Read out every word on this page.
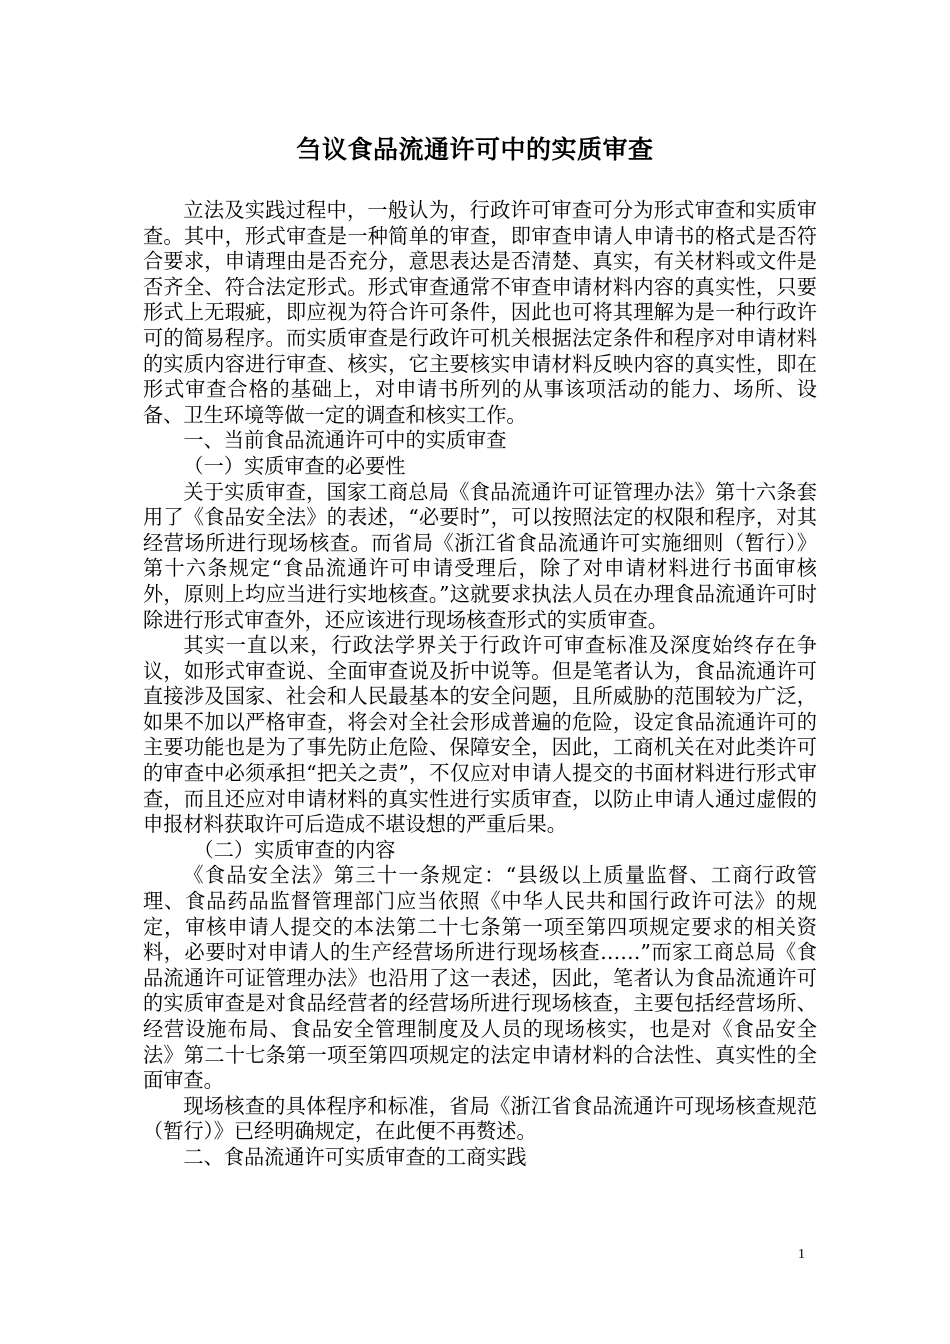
刍议食品流通许可中的实质审查

立法及实践过程中，一般认为，行政许可审查可分为形式审查和实质审查。其中，形式审查是一种简单的审查，即审查申请人申请书的格式是否符合要求，申请理由是否充分，意思表达是否清楚、真实，有关材料或文件是否齐全、符合法定形式。形式审查通常不审查申请材料内容的真实性，只要形式上无瑕疵，即应视为符合许可条件，因此也可将其理解为是一种行政许可的简易程序。而实质审查是行政许可机关根据法定条件和程序对申请材料的实质内容进行审查、核实，它主要核实申请材料反映内容的真实性，即在形式审查合格的基础上，对申请书所列的从事该项活动的能力、场所、设备、卫生环境等做一定的调查和核实工作。

一、当前食品流通许可中的实质审查

（一）实质审查的必要性

关于实质审查，国家工商总局《食品流通许可证管理办法》第十六条套用了《食品安全法》的表述，“必要时”，可以按照法定的权限和程序，对其经营场所进行现场核查。而省局《浙江省食品流通许可实施细则（暂行）》第十六条规定“食品流通许可申请受理后，除了对申请材料进行书面审核外，原则上均应当进行实地核查。”这就要求执法人员在办理食品流通许可时除进行形式审查外，还应该进行现场核查形式的实质审查。

其实一直以来，行政法学界关于行政许可审查标准及深度始终存在争议，如形式审查说、全面审查说及折中说等。但是笔者认为，食品流通许可直接涉及国家、社会和人民最基本的安全问题，且所威胁的范围较为广泛，如果不加以严格审查，将会对全社会形成普遍的危险，设定食品流通许可的主要功能也是为了事先防止危险、保障安全，因此，工商机关在对此类许可的审查中必须承担“把关之责”，不仅应对申请人提交的书面材料进行形式审查，而且还应对申请材料的真实性进行实质审查，以防止申请人通过虚假的申报材料获取许可后造成不堪设想的严重后果。

（二）实质审查的内容

《食品安全法》第三十一条规定：“县级以上质量监督、工商行政管理、食品药品监督管理部门应当依照《中华人民共和国行政许可法》的规定，审核申请人提交的本法第二十七条第一项至第四项规定要求的相关资料，必要时对申请人的生产经营场所进行现场核查……”而家工商总局《食品流通许可证管理办法》也沿用了这一表述，因此，笔者认为食品流通许可的实质审查是对食品经营者的经营场所进行现场核查，主要包括经营场所、经营设施布局、食品安全管理制度及人员的现场核实，也是对《食品安全法》第二十七条第一项至第四项规定的法定申请材料的合法性、真实性的全面审查。

现场核查的具体程序和标准，省局《浙江省食品流通许可现场核查规范（暂行）》已经明确规定，在此便不再赘述。

二、食品流通许可实质审查的工商实践

1
